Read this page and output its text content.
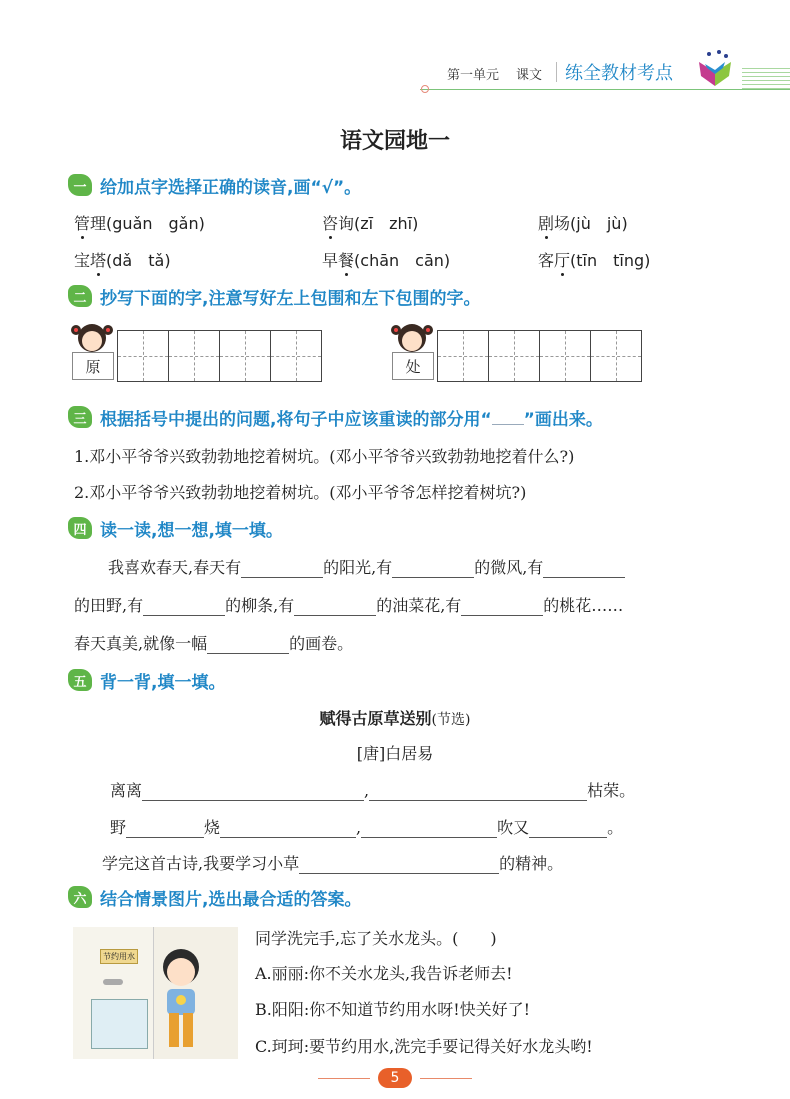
第一单元 课文 练全教材考点
语文园地一
一 给加点字选择正确的读音,画“√”。
管理(guǎn　gǎn)	咨询(zī　zhī)	剧场(jù　jù)
宝塔(dǎ　tǎ)	早餐(chān　cān)	客厅(tīn　tīng)
二 抄写下面的字,注意写好左上包围和左下包围的字。
原	处
三 根据括号中提出的问题,将句子中应该重读的部分用“ ”画出来。
1.邓小平爷爷兴致勃勃地挖着树坑。(邓小平爷爷兴致勃勃地挖着什么?)
2.邓小平爷爷兴致勃勃地挖着树坑。(邓小平爷爷怎样挖着树坑?)
四 读一读,想一想,填一填。
我喜欢春天,春天有	的阳光,有	的微风,有
的田野,有	的柳条,有	的油菜花,有	的桃花……
春天真美,就像一幅	的画卷。
五 背一背,填一填。
赋得古原草送别(节选)
[唐]白居易
离离	,	枯荣。
野	烧	,	吹又	。
学完这首古诗,我要学习小草	的精神。
六 结合情景图片,选出最合适的答案。
节约用水
同学洗完手,忘了关水龙头。(　　)
A.丽丽:你不关水龙头,我告诉老师去!
B.阳阳:你不知道节约用水呀!快关好了!
C.珂珂:要节约用水,洗完手要记得关好水龙头哟!
5
